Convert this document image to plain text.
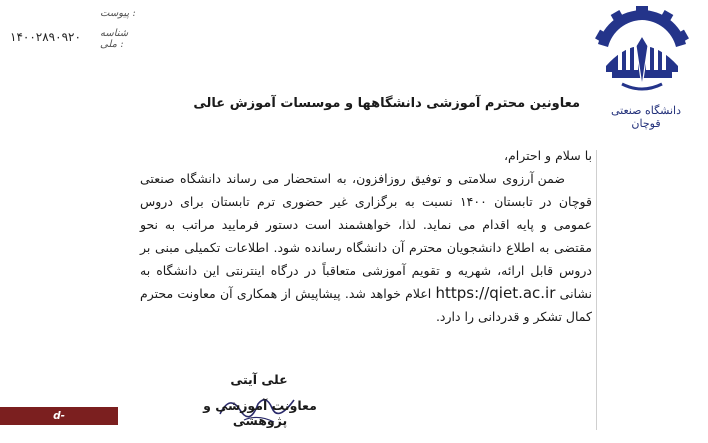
دانشگاه صنعتی قوچان
پیوست :
شناسه ملی :
۱۴۰۰۲۸۹۰۹۲۰
معاونین محترم آموزشی دانشگاهها و موسسات آموزش عالی

با سلام و احترام،

ضمن آرزوی سلامتی و توفیق روزافزون، به استحضار می رساند دانشگاه صنعتی قوچان در تابستان ۱۴۰۰ نسبت به برگزاری غیر حضوری ترم تابستان برای دروس عمومی و پایه اقدام می نماید. لذا، خواهشمند است دستور فرمایید مراتب به نحو مقتضی به اطلاع دانشجویان محترم آن دانشگاه رسانده شود. اطلاعات تکمیلی مبنی بر دروس قابل ارائه، شهریه و تقویم آموزشی متعاقباً در درگاه اینترنتی این دانشگاه به نشانی https://qiet.ac.ir اعلام خواهد شد. پیشاپیش از همکاری آن معاونت محترم کمال تشکر و قدردانی را دارد.

علی آیتی
معاونت آموزشی و پژوهشی
d-hamedan.tvu.ac.ir
